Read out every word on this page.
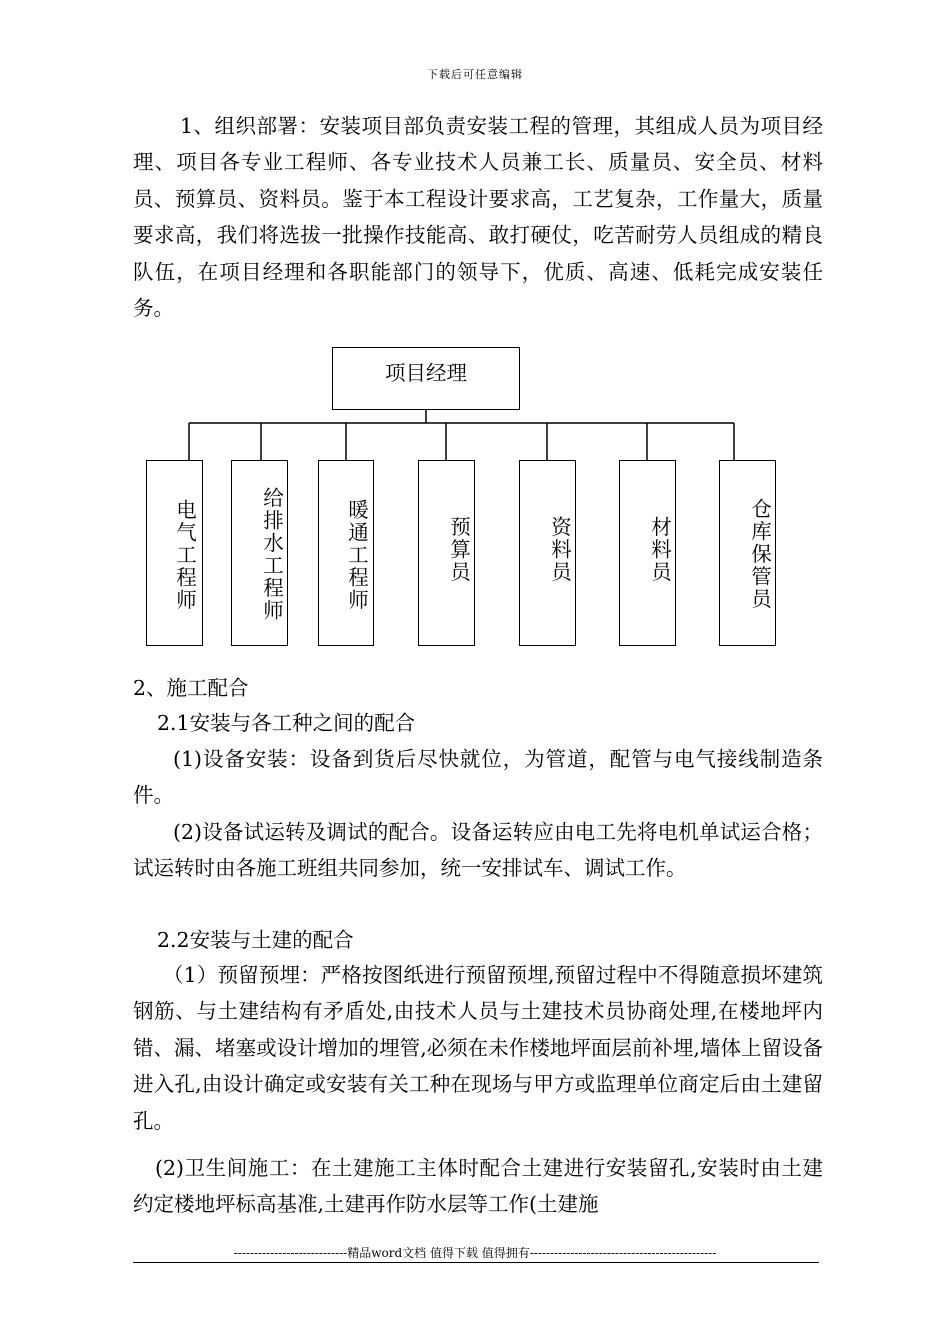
下载后可任意编辑

1、组织部署：安装项目部负责安装工程的管理，其组成人员为项目经理、项目各专业工程师、各专业技术人员兼工长、质量员、安全员、材料员、预算员、资料员。鉴于本工程设计要求高，工艺复杂，工作量大，质量要求高，我们将选拔一批操作技能高、敢打硬仗，吃苦耐劳人员组成的精良队伍，在项目经理和各职能部门的领导下，优质、高速、低耗完成安装任务。

项目经理
电气工程师	给排水工程师	暖通工程师	预算员	资料员	材料员	仓库保管员

2、施工配合

2.1安装与各工种之间的配合

(1)设备安装：设备到货后尽快就位，为管道，配管与电气接线制造条件。

(2)设备试运转及调试的配合。设备运转应由电工先将电机单试运合格；试运转时由各施工班组共同参加，统一安排试车、调试工作。

2.2安装与土建的配合

（1）预留预埋：严格按图纸进行预留预埋,预留过程中不得随意损坏建筑钢筋、与土建结构有矛盾处,由技术人员与土建技术员协商处理,在楼地坪内错、漏、堵塞或设计增加的埋管,必须在未作楼地坪面层前补埋,墙体上留设备进入孔,由设计确定或安装有关工种在现场与甲方或监理单位商定后由土建留孔。

(2)卫生间施工：在土建施工主体时配合土建进行安装留孔,安装时由土建约定楼地坪标高基准,土建再作防水层等工作(土建施

----------------------------精品word文档 值得下载 值得拥有----------------------------------------------
